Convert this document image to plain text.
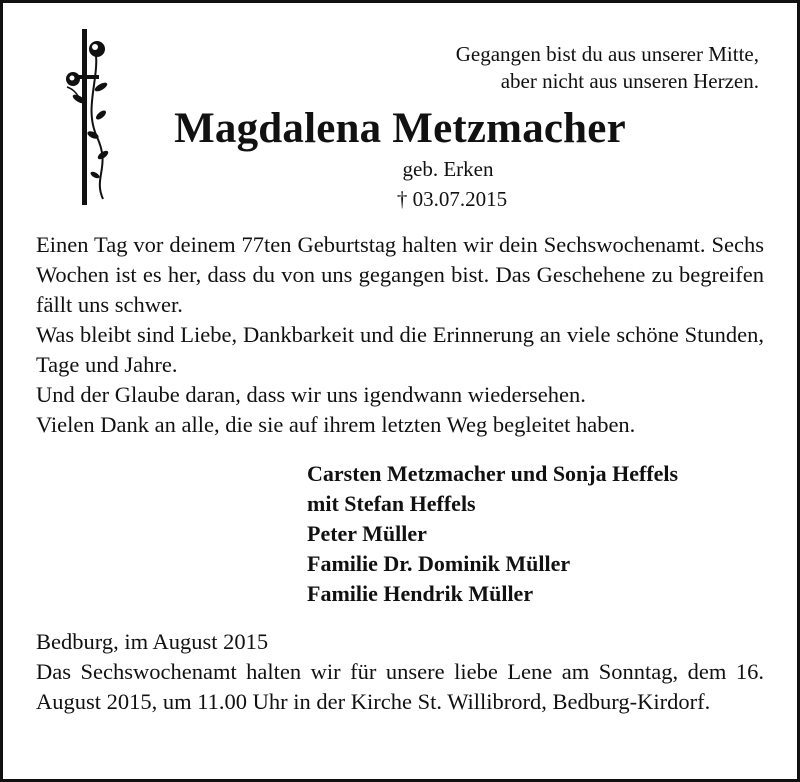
Gegangen bist du aus unserer Mitte,
aber nicht aus unseren Herzen.

Magdalena Metzmacher

geb. Erken

† 03.07.2015

Einen Tag vor deinem 77ten Geburtstag halten wir dein Sechswochenamt. Sechs Wochen ist es her, dass du von uns gegangen bist. Das Geschehene zu begreifen fällt uns schwer.

Was bleibt sind Liebe, Dankbarkeit und die Erinnerung an viele schöne Stunden, Tage und Jahre.

Und der Glaube daran, dass wir uns igendwann wiedersehen.

Vielen Dank an alle, die sie auf ihrem letzten Weg begleitet haben.

Carsten Metzmacher und Sonja Heffels
mit Stefan Heffels
Peter Müller
Familie Dr. Dominik Müller
Familie Hendrik Müller

Bedburg, im August 2015

Das Sechswochenamt halten wir für unsere liebe Lene am Sonntag, dem 16. August 2015, um 11.00 Uhr in der Kirche St. Willibrord, Bedburg-Kirdorf.
